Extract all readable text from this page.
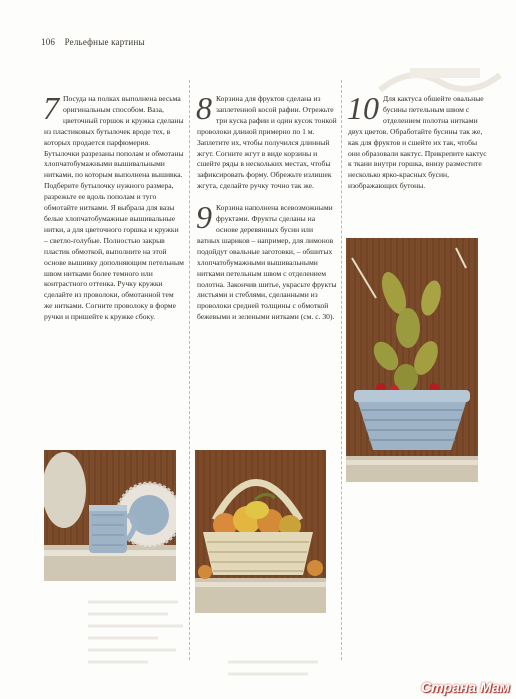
106 Рельефные картины
7 Посуда на полках выполнена весьма оригинальным способом. Ваза, цветочный горшок и кружка сделаны из пластиковых бутылочек вроде тех, в которых продается парфюмерия. Бутылочки разрезаны пополам и обмотаны хлопчатобумажными вышивальными нитками, по которым выполнена вышивка. Подберите бутылочку нужного размера, разрежьте ее вдоль пополам и туго обмотайте нитками. Я выбрала для вазы белые хлопчатобумажные вышивальные нитки, а для цветочного горшка и кружки – светло-голубые. Полностью закрыв пластик обмоткой, выполните на этой основе вышивку дополняющим петельным швом нитками более темного или контрастного оттенка. Ручку кружки сделайте из проволоки, обмотанной тем же нитками. Согните проволоку в форме ручки и пришейте к кружке сбоку.
8 Корзина для фруктов сделана из заплетенной косой рафии. Отрежьте три куска рафии и один кусок тонкой проволоки длиной примерно по 1 м. Заплетите их, чтобы получился длинный жгут. Согните жгут в виде корзины и сшейте ряды в нескольких местах, чтобы зафиксировать форму. Обрежьте излишек жгута, сделайте ручку точно так же.
9 Корзина наполнена всевозможными фруктами. Фрукты сделаны на основе деревянных бусин или ватных шариков – например, для лимонов подойдут овальные заготовки, – обшитых хлопчатобумажными вышивальными нитками петельным швом с отделением полотна. Закончив шитье, украсьте фрукты листьями и стеблями, сделанными из проволоки средней толщины с обмоткой бежевыми и зелеными нитками (см. с. 30).
10 Для кактуса обшейте овальные бусины петельным швом с отделением полотна нитками двух цветов. Обработайте бусины так же, как для фруктов и сшейте их так, чтобы они образовали кактус. Прикрепите кактус к ткани внутри горшка, внизу разместите несколько ярко-красных бусин, изображающих бутоны.
Страна Мам
